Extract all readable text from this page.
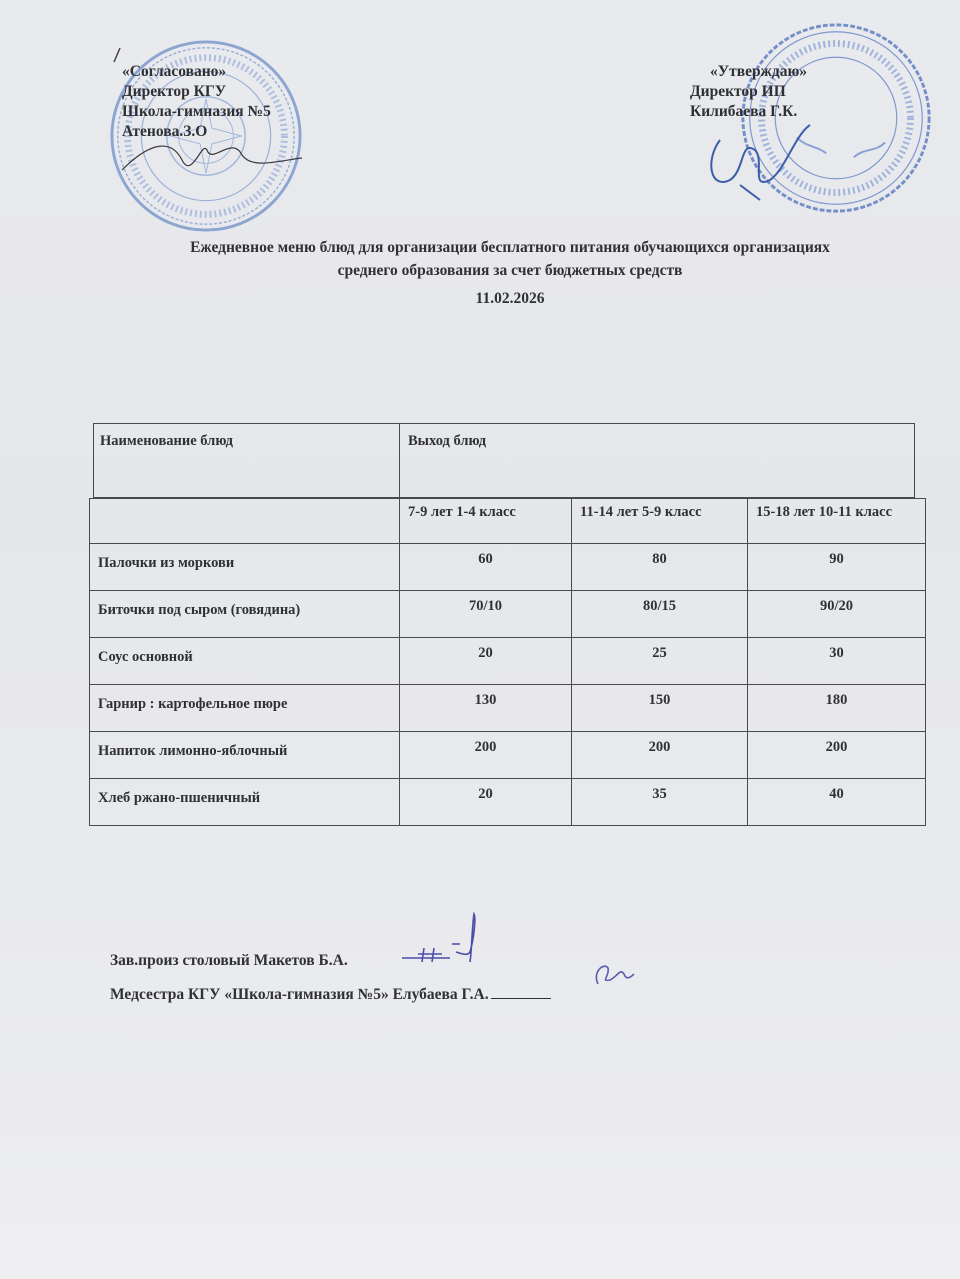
«Согласовано»
Директор КГУ
Школа-гимназия №5
Атенова.З.О
«Утверждаю»
Директор ИП
Килибаева Г.К.
Ежедневное меню блюд для организации бесплатного питания обучающихся организациях
среднего образования за счет бюджетных средств
11.02.2026
Наименование блюд	Выход блюд
	7-9 лет 1-4 класс	11-14 лет 5-9 класс	15-18 лет 10-11 класс
Палочки из моркови	60	80	90
Биточки под сыром (говядина)	70/10	80/15	90/20
Соус основной	20	25	30
Гарнир : картофельное пюре	130	150	180
Напиток лимонно-яблочный	200	200	200
Хлеб ржано-пшеничный	20	35	40
Зав.произ столовый Макетов Б.А.
Медсестра КГУ «Школа-гимназия №5» Елубаева Г.А.
